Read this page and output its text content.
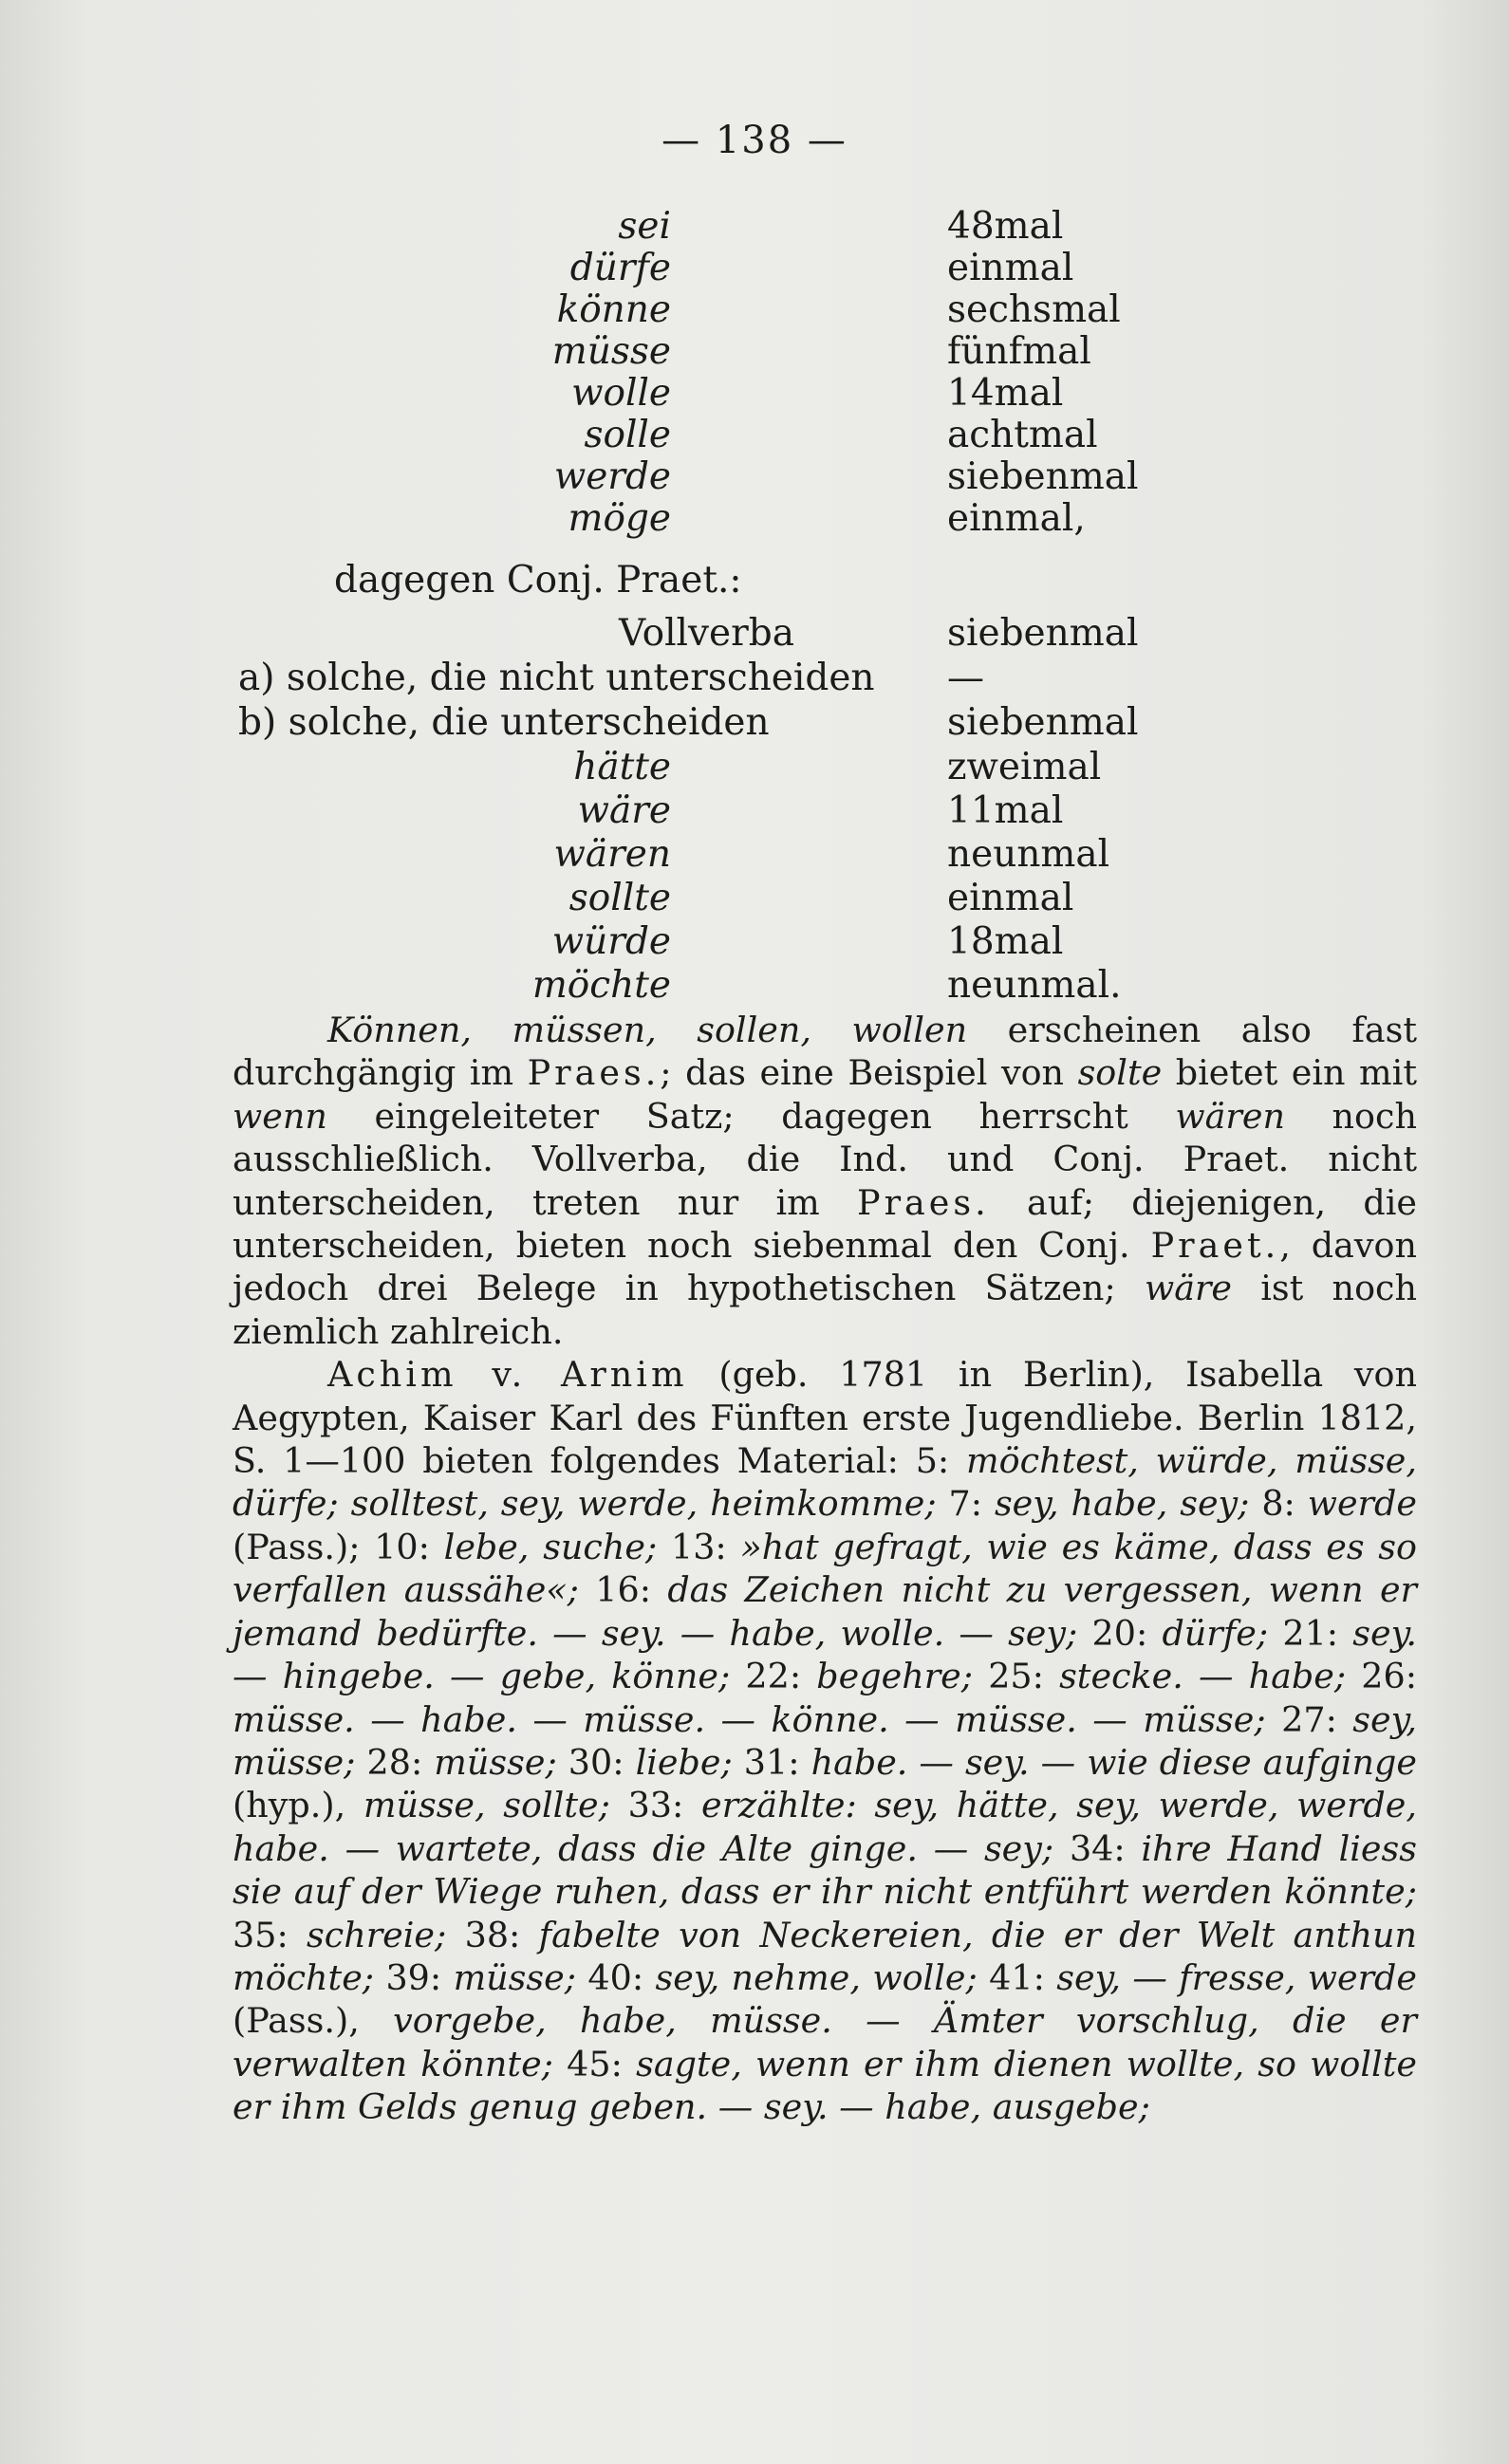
— 138 —
sei	48mal
dürfe	einmal
könne	sechsmal
müsse	fünfmal
wolle	14mal
solle	achtmal
werde	siebenmal
möge	einmal,
dagegen Conj. Praet.:
Vollverba	siebenmal
a) solche, die nicht unterscheiden —
b) solche, die unterscheiden	siebenmal
hätte	zweimal
wäre	11mal
wären	neunmal
sollte	einmal
würde	18mal
möchte	neunmal.

Können, müssen, sollen, wollen erscheinen also fast durchgängig im Praes.; das eine Beispiel von solte bietet ein mit wenn eingeleiteter Satz; dagegen herrscht wären noch ausschließlich. Vollverba, die Ind. und Conj. Praet. nicht unterscheiden, treten nur im Praes. auf; diejenigen, die unterscheiden, bieten noch siebenmal den Conj. Praet., davon jedoch drei Belege in hypothetischen Sätzen; wäre ist noch ziemlich zahlreich.

Achim v. Arnim (geb. 1781 in Berlin), Isabella von Aegypten, Kaiser Karl des Fünften erste Jugendliebe. Berlin 1812, S. 1—100 bieten folgendes Material: 5: möchtest, würde, müsse, dürfe; solltest, sey, werde, heimkomme; 7: sey, habe, sey; 8: werde (Pass.); 10: lebe, suche; 13: »hat gefragt, wie es käme, dass es so verfallen aussähe«; 16: das Zeichen nicht zu vergessen, wenn er jemand bedürfte. — sey. — habe, wolle. — sey; 20: dürfe; 21: sey. — hingebe. — gebe, könne; 22: begehre; 25: stecke. — habe; 26: müsse. — habe. — müsse. — könne. — müsse. — müsse; 27: sey, müsse; 28: müsse; 30: liebe; 31: habe. — sey. — wie diese aufginge (hyp.), müsse, sollte; 33: erzählte: sey, hätte, sey, werde, werde, habe. — wartete, dass die Alte ginge. — sey; 34: ihre Hand liess sie auf der Wiege ruhen, dass er ihr nicht entführt werden könnte; 35: schreie; 38: fabelte von Neckereien, die er der Welt anthun möchte; 39: müsse; 40: sey, nehme, wolle; 41: sey, — fresse, werde (Pass.), vorgebe, habe, müsse. — Ämter vorschlug, die er verwalten könnte; 45: sagte, wenn er ihm dienen wollte, so wollte er ihm Gelds genug geben. — sey. — habe, ausgebe;
